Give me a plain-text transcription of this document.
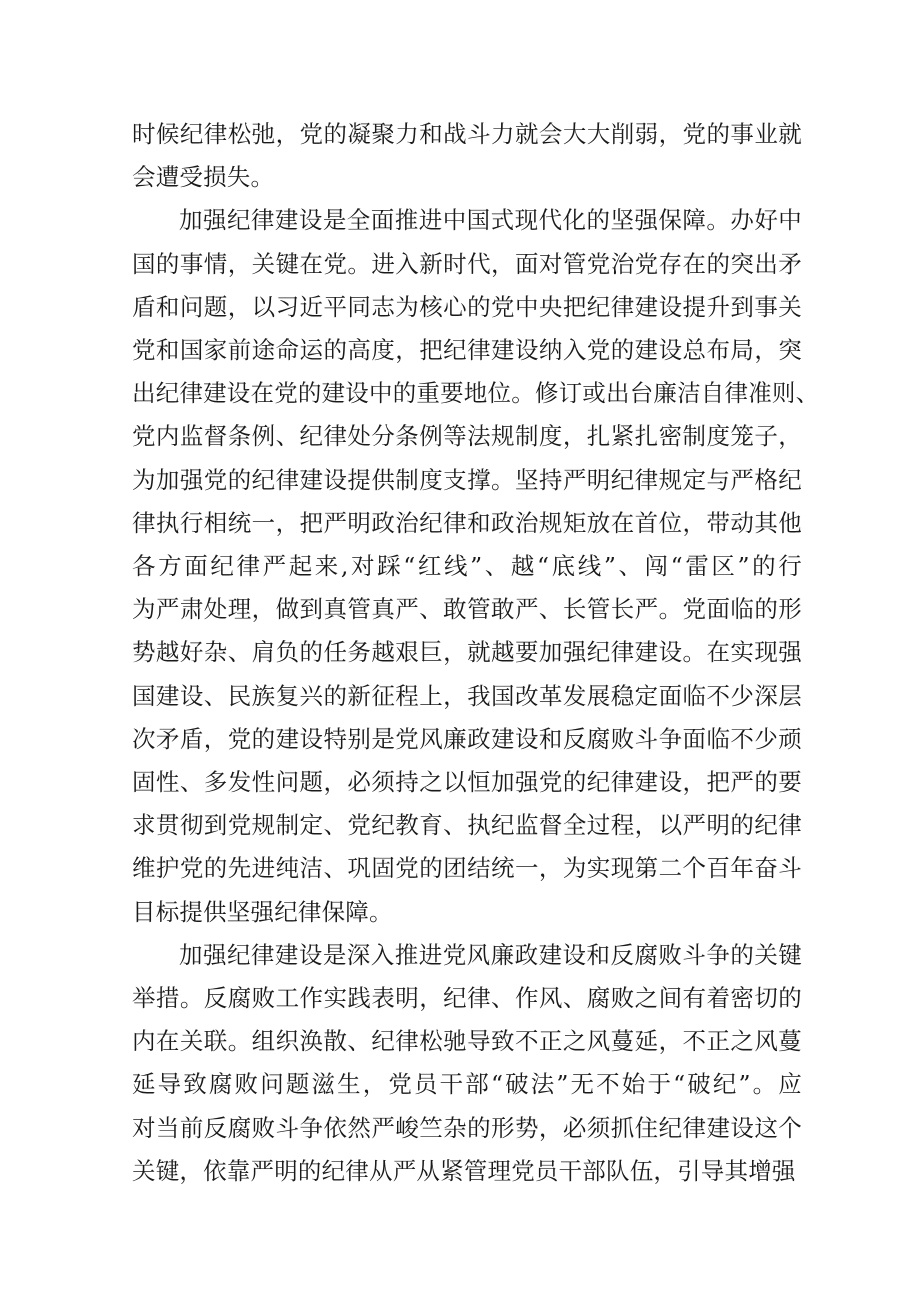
时候纪律松弛，党的凝聚力和战斗力就会大大削弱，党的事业就
会遭受损失。
加强纪律建设是全面推进中国式现代化的坚强保障。办好中
国的事情，关键在党。进入新时代，面对管党治党存在的突出矛
盾和问题，以习近平同志为核心的党中央把纪律建设提升到事关
党和国家前途命运的高度，把纪律建设纳入党的建设总布局，突
出纪律建设在党的建设中的重要地位。修订或出台廉洁自律准则、
党内监督条例、纪律处分条例等法规制度，扎紧扎密制度笼子，
为加强党的纪律建设提供制度支撑。坚持严明纪律规定与严格纪
律执行相统一，把严明政治纪律和政治规矩放在首位，带动其他
各方面纪律严起来,对踩“红线”、越“底线”、闯“雷区”的行
为严肃处理，做到真管真严、敢管敢严、长管长严。党面临的形
势越好杂、肩负的任务越艰巨，就越要加强纪律建设。在实现强
国建设、民族复兴的新征程上，我国改革发展稳定面临不少深层
次矛盾，党的建设特别是党风廉政建设和反腐败斗争面临不少顽
固性、多发性问题，必须持之以恒加强党的纪律建设，把严的要
求贯彻到党规制定、党纪教育、执纪监督全过程，以严明的纪律
维护党的先进纯洁、巩固党的团结统一，为实现第二个百年奋斗
目标提供坚强纪律保障。
加强纪律建设是深入推进党风廉政建设和反腐败斗争的关键
举措。反腐败工作实践表明，纪律、作风、腐败之间有着密切的
内在关联。组织涣散、纪律松驰导致不正之风蔓延，不正之风蔓
延导致腐败问题滋生，党员干部“破法”无不始于“破纪”。应
对当前反腐败斗争依然严峻竺杂的形势，必须抓住纪律建设这个
关键，依靠严明的纪律从严从紧管理党员干部队伍，引导其增强
